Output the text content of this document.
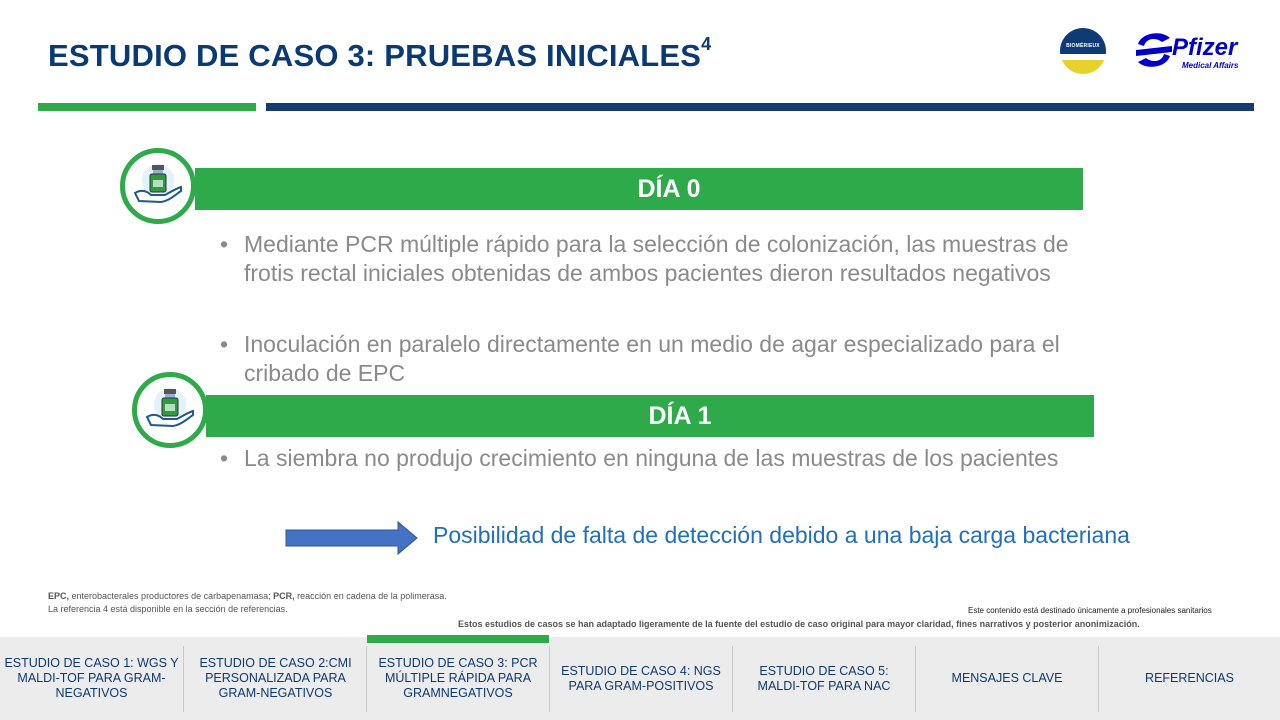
ESTUDIO DE CASO 3: PRUEBAS INICIALES$^4$	BIOMÉRIEUX	Pfizer
Medical Affairs
DÍA 0
• Mediante PCR múltiple rápido para la selección de colonización, las muestras de frotis rectal iniciales obtenidas de ambos pacientes dieron resultados negativos
• Inoculación en paralelo directamente en un medio de agar especializado para el cribado de EPC
DÍA 1
• La siembra no produjo crecimiento en ninguna de las muestras de los pacientes
Posibilidad de falta de detección debido a una baja carga bacteriana
EPC, enterobacterales productores de carbapenamasa; PCR, reacción en cadena de la polimerasa.
La referencia 4 está disponible en la sección de referencias.	Este contenido está destinado únicamente a profesionales sanitarios
Estos estudios de casos se han adaptado ligeramente de la fuente del estudio de caso original para mayor claridad, fines narrativos y posterior anonimización.
ESTUDIO DE CASO 1: WGS Y MALDI-TOF PARA GRAM-NEGATIVOS
ESTUDIO DE CASO 2:CMI PERSONALIZADA PARA GRAM-NEGATIVOS
ESTUDIO DE CASO 3: PCR MÚLTIPLE RÁPIDA PARA GRAMNEGATIVOS
ESTUDIO DE CASO 4: NGS PARA GRAM-POSITIVOS
ESTUDIO DE CASO 5: MALDI-TOF PARA NAC
MENSAJES CLAVE	REFERENCIAS
